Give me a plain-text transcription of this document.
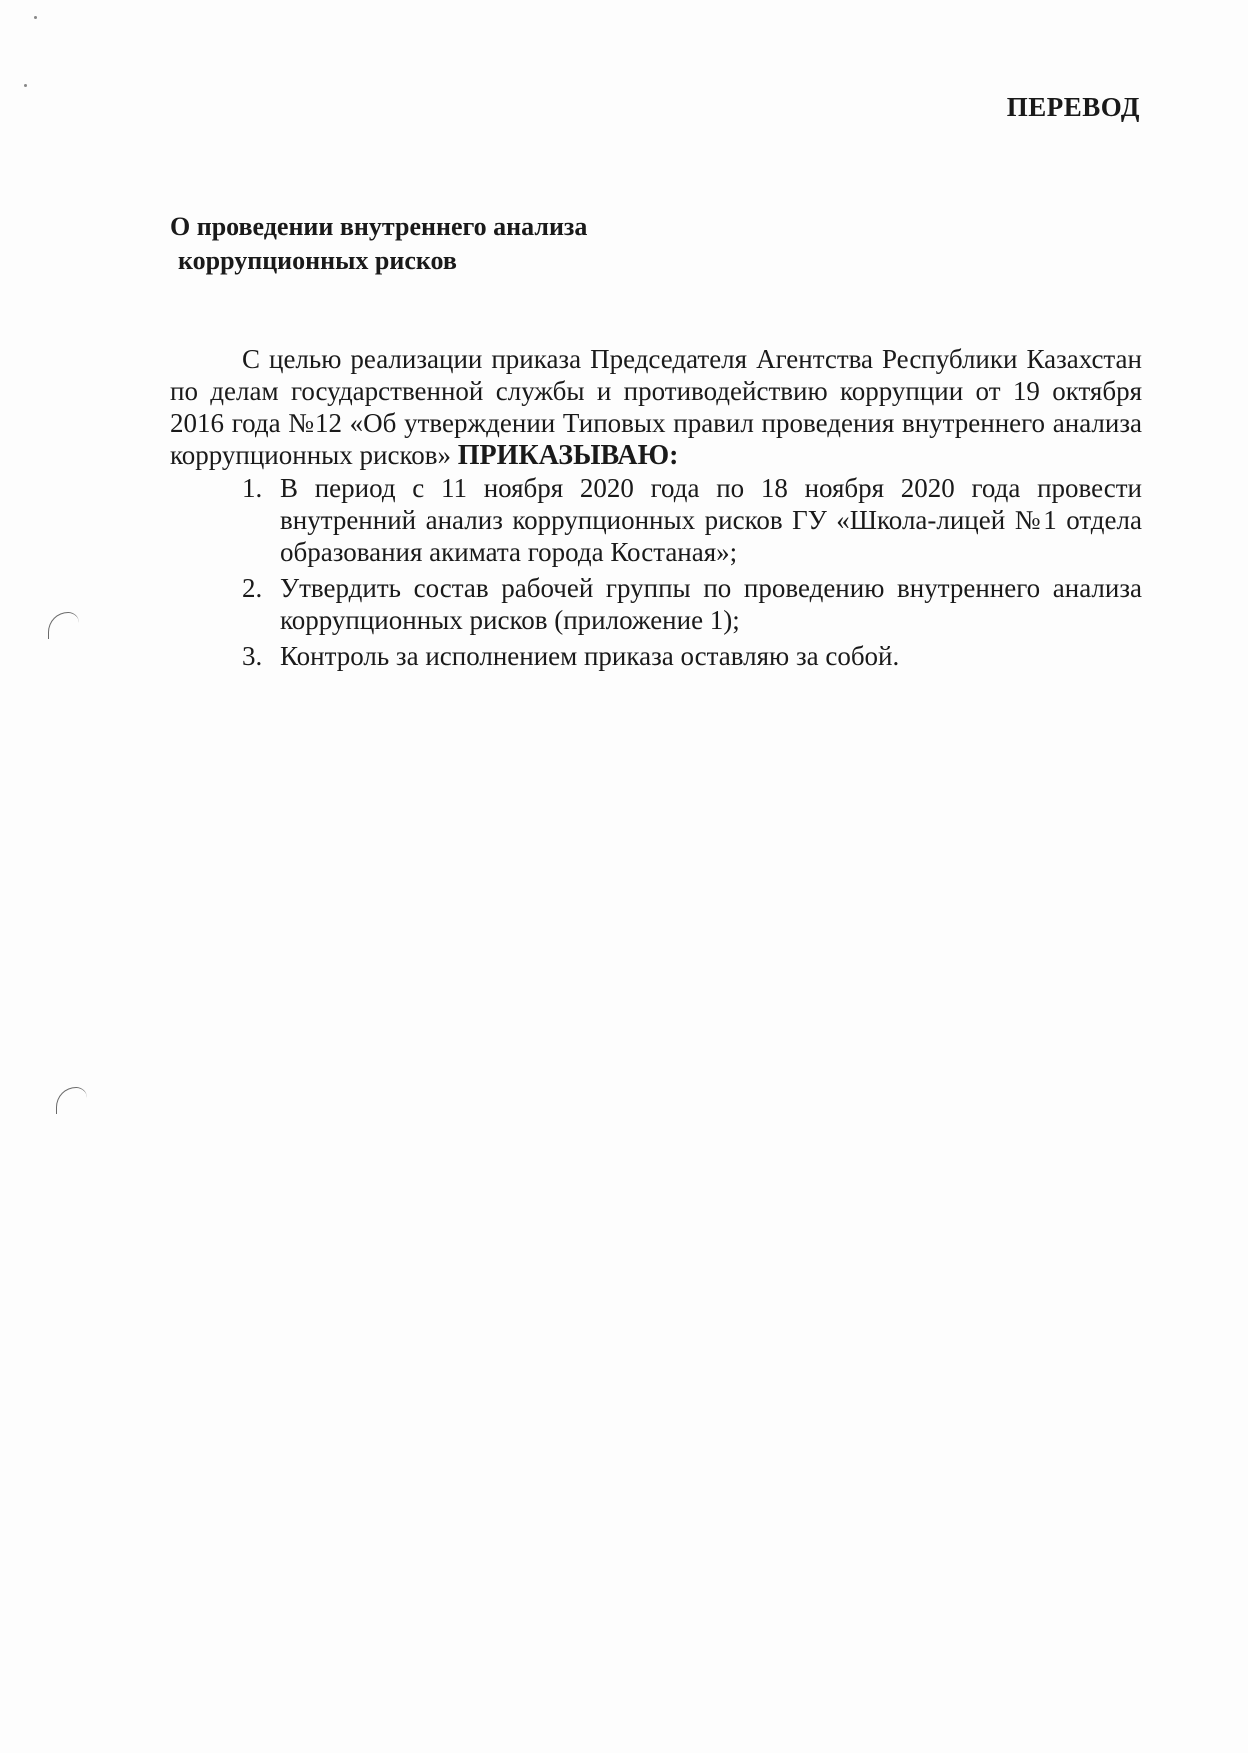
ПЕРЕВОД
О проведении внутреннего анализа
коррупционных рисков

С целью реализации приказа Председателя Агентства Республики Казахстан по делам государственной службы и противодействию коррупции от 19 октября 2016 года №12 «Об утверждении Типовых правил проведения внутреннего анализа коррупционных рисков» ПРИКАЗЫВАЮ:

1. В период с 11 ноября 2020 года по 18 ноября 2020 года провести внутренний анализ коррупционных рисков ГУ «Школа-лицей №1 отдела образования акимата города Костаная»;
2. Утвердить состав рабочей группы по проведению внутреннего анализа коррупционных рисков (приложение 1);
3. Контроль за исполнением приказа оставляю за собой.
